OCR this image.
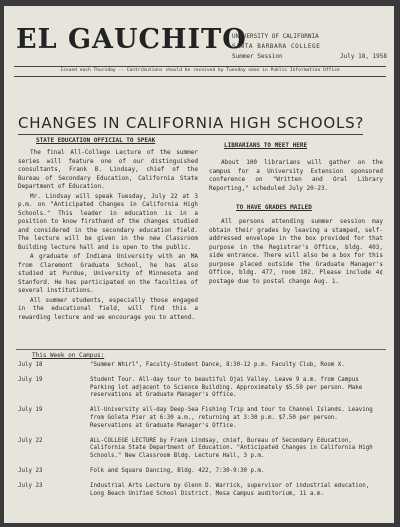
EL GAUCHITO
UNIVERSITY OF CALIFORNIA
SANTA BARBARA COLLEGE
Summer Session	July 18, 1958
Issued each Thursday -- Contributions should be received by Tuesday noon in Public Information Office
CHANGES IN CALIFORNIA HIGH SCHOOLS?
STATE EDUCATION OFFICIAL TO SPEAK

The final All-College Lecture of the summer series will feature one of our distinguished consultants, Frank B. Lindsay, chief of the Bureau of Secondary Education, California State Department of Education.

Mr. Lindsay will speak Tuesday, July 22 at 3 p.m. on "Anticipated Changes in California High Schools." This leader in education is in a position to know firsthand of the changes studied and considered in the secondary education field. The lecture will be given in the new Classroom Building lecture hall and is open to the public.

A graduate of Indiana University with an MA from Claremont Graduate School, he has also studied at Purdue, University of Minnesota and Stanford. He has participated on the faculties of several institutions.

All summer students, especially those engaged in the educational field, will find this a rewarding lecture and we encourage you to attend.

LIBRARIANS TO MEET HERE

About 100 librarians will gather on the campus for a University Extension sponsored conference on "Written and Oral Library Reporting," scheduled July 20-23.

TO HAVE GRADES MAILED

All persons attending summer session may obtain their grades by leaving a stamped, self-addressed envelope in the box provided for that purpose in the Registrar's Office, bldg. 403, side entrance. There will also be a box for this purpose placed outside the Graduate Manager's Office, bldg. 477, room 102. Please include 4¢ postage due to postal change Aug. 1.

This Week on Campus:
July 18	"Summer Whirl", Faculty-Student Dance, 8:30-12 p.m. Faculty Club, Room X.
July 19	Student Tour. All-day tour to beautiful Ojai Valley. Leave 9 a.m. from Campus Parking lot adjacent to Science Building. Approximately $5.50 per person. Make reservations at Graduate Manager's Office.
July 19	All-University all-day Deep-Sea Fishing Trip and tour to Channel Islands. Leaving from Goleta Pier at 6:30 a.m., returning at 3:30 p.m. $7.50 per person. Reservations at Graduate Manager's Office.
July 22	ALL-COLLEGE LECTURE by Frank Lindsay, chief, Bureau of Secondary Education, California State Department of Education. "Anticipated Changes in California High Schools." New Classroom Bldg. Lecture Hall, 3 p.m.
July 23	Folk and Square Dancing, Bldg. 422, 7:30-9:30 p.m.
July 23	Industrial Arts Lecture by Glenn D. Warrick, supervisor of industrial education, Long Beach Unified School District. Mesa Campus auditorium, 11 a.m.
